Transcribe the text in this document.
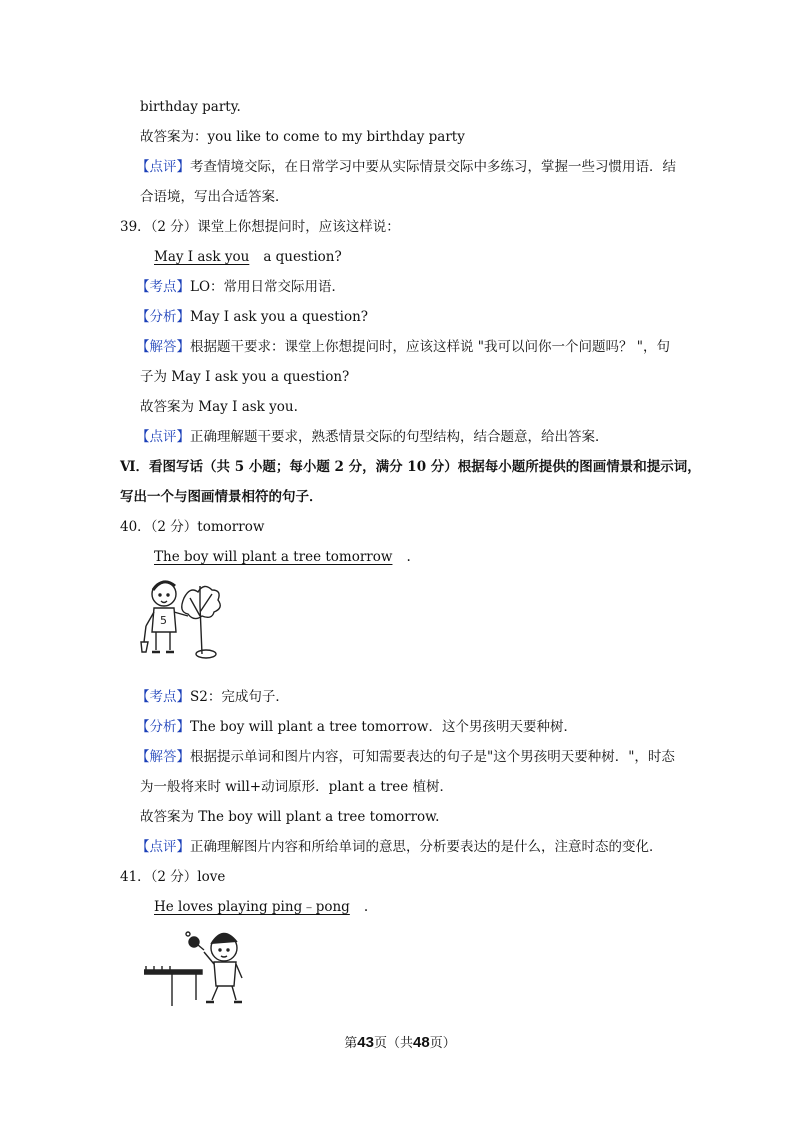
birthday party.
故答案为：you like to come to my birthday party
【点评】考查情境交际，在日常学习中要从实际情景交际中多练习，掌握一些习惯用语．结
合语境，写出合适答案．
39．（2 分）课堂上你想提问时，应该这样说：
May I ask you a question?
【考点】LO：常用日常交际用语．
【分析】May I ask you a question?
【解答】根据题干要求：课堂上你想提问时，应该这样说 "我可以问你一个问题吗？ "，句
子为 May I ask you a question?
故答案为 May I ask you.
【点评】正确理解题干要求，熟悉情景交际的句型结构，结合题意，给出答案．
Ⅵ．看图写话（共 5 小题；每小题 2 分，满分 10 分）根据每小题所提供的图画情景和提示词，
写出一个与图画情景相符的句子．
40．（2 分）tomorrow
The boy will plant a tree tomorrow .
5
【考点】S2：完成句子．
【分析】The boy will plant a tree tomorrow．这个男孩明天要种树．
【解答】根据提示单词和图片内容，可知需要表达的句子是"这个男孩明天要种树．"，时态
为一般将来时 will+动词原形．plant a tree 植树．
故答案为 The boy will plant a tree tomorrow.
【点评】正确理解图片内容和所给单词的意思，分析要表达的是什么，注意时态的变化．
41．（2 分）love
He loves playing ping﹣pong .
第43页（共48页）
